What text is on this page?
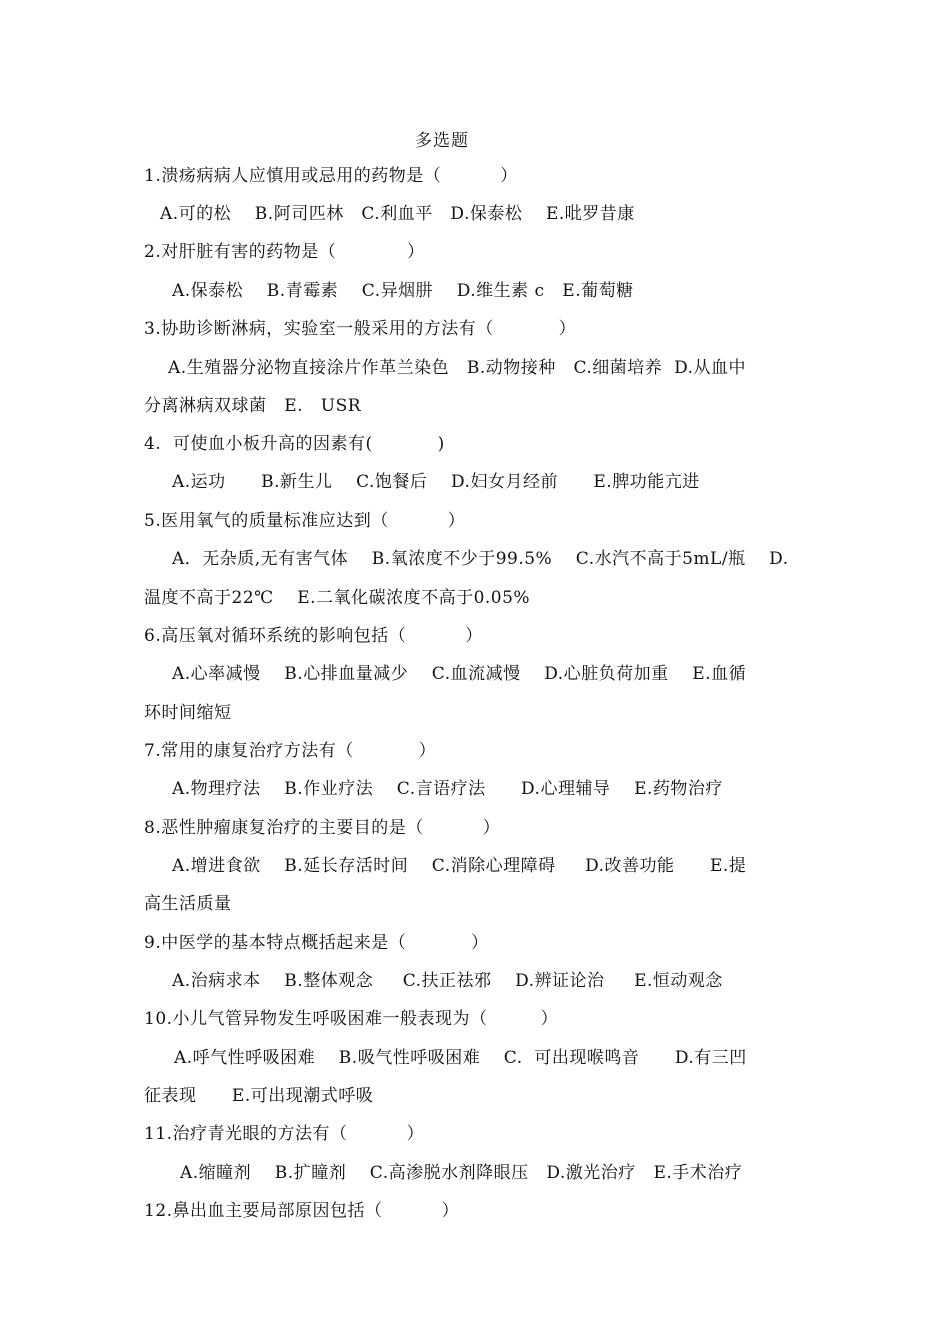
多选题
1.溃疡病病人应慎用或忌用的药物是（          ）
A.可的松    B.阿司匹林   C.利血平   D.保泰松    E.吡罗昔康
2.对肝脏有害的药物是（            ）
A.保泰松    B.青霉素    C.异烟肼    D.维生素 c   E.葡萄糖
3.协助诊断淋病，实验室一般采用的方法有（           ）
A.生殖器分泌物直接涂片作革兰染色   B.动物接种   C.细菌培养  D.从血中
分离淋病双球菌   E.   USR
4.  可使血小板升高的因素有(           )
A.运功      B.新生儿    C.饱餐后    D.妇女月经前      E.脾功能亢进
5.医用氧气的质量标准应达到（          ）
A．无杂质,无有害气体    B.氧浓度不少于99.5%    C.水汽不高于5mL/瓶    D.
温度不高于22℃    E.二氧化碳浓度不高于0.05%
6.高压氧对循环系统的影响包括（          ）
A.心率减慢    B.心排血量减少    C.血流减慢    D.心脏负荷加重    E.血循
环时间缩短
7.常用的康复治疗方法有（           ）
A.物理疗法    B.作业疗法    C.言语疗法      D.心理辅导    E.药物治疗
8.恶性肿瘤康复治疗的主要目的是（          ）
A.增进食欲    B.延长存活时间    C.消除心理障碍     D.改善功能      E.提
高生活质量
9.中医学的基本特点概括起来是（           ）
A.治病求本    B.整体观念     C.扶正祛邪    D.辨证论治     E.恒动观念
10.小儿气管异物发生呼吸困难一般表现为（         ）
A.呼气性呼吸困难    B.吸气性呼吸困难    C.  可出现喉鸣音      D.有三凹
征表现      E.可出现潮式呼吸
11.治疗青光眼的方法有（          ）
A.缩瞳剂    B.扩瞳剂    C.高渗脱水剂降眼压   D.激光治疗   E.手术治疗
12.鼻出血主要局部原因包括（          ）
